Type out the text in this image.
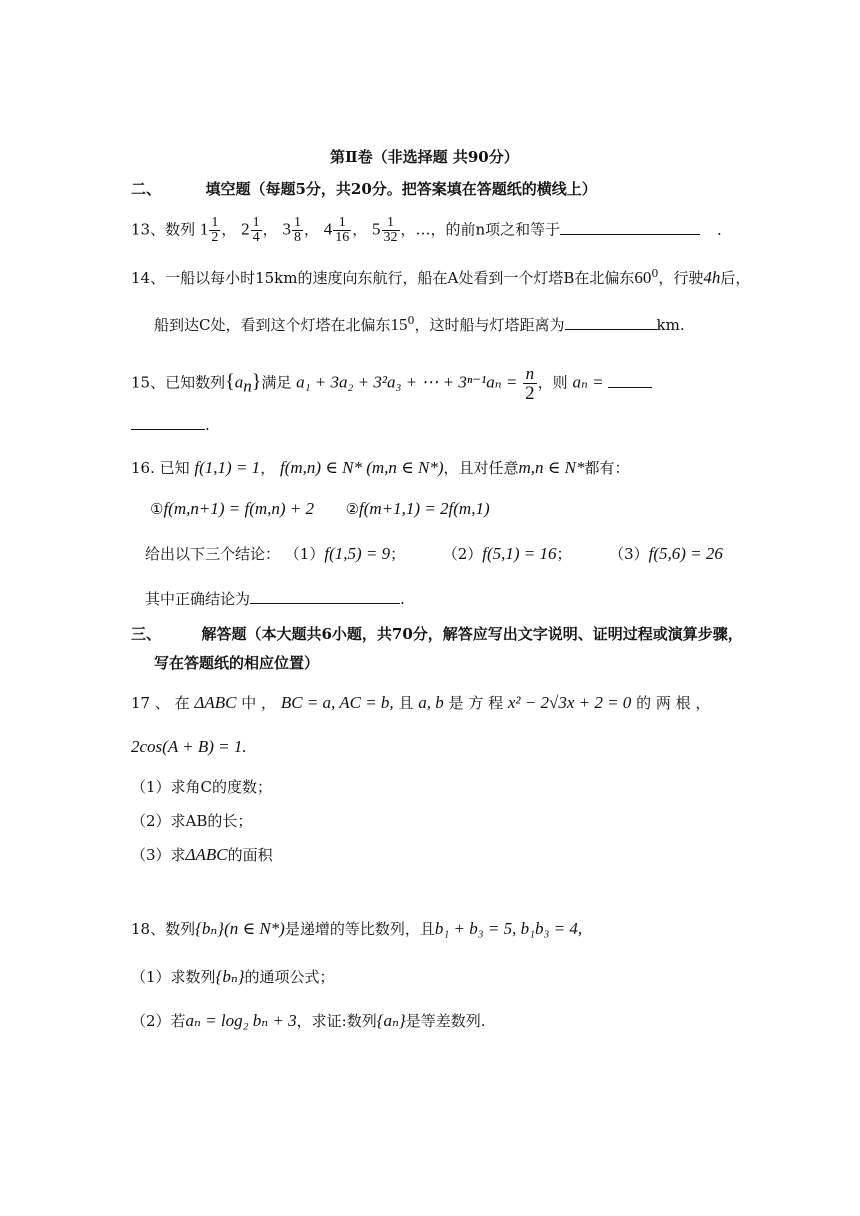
第Ⅱ卷（非选择题 共90分）
二、	填空题（每题5分，共20分。把答案填在答题纸的横线上）
13、数列 $1 \frac{1}{2}$ ， $2 \frac{1}{4}$ ， $3 \frac{1}{8}$ ， $4 \frac{1}{16}$ ， $5 \frac{1}{32}$ ，…，的前n项之和等于	．
14、一船以每小时15km的速度向东航行，船在A处看到一个灯塔B在北偏东$60^0$，行驶4h后，
船到达C处，看到这个灯塔在北偏东$15^0$，这时船与灯塔距离为	km.
15、已知数列$\{a_n\}$满足 a₁ + 3a₂ + 3²a₃ + ⋯ + $3^{n-1}a_n = \frac{n}{2}$ ，则 aₙ =
.
16. 已知 f(1,1) = 1， f(m,n) ∈ N* (m,n ∈ N*)，且对任意m,n ∈ N*都有：
①f(m,n+1) = f(m,n) + 2 ②f(m+1,1) = 2f(m,1)
给出以下三个结论： （1）f(1,5) = 9；	（2）f(5,1) = 16；	（3）f(5,6) = 26
其中正确结论为	.
三、	解答题（本大题共6小题，共70分，解答应写出文字说明、证明过程或演算步骤，
写在答题纸的相应位置）
17 、 在 ΔABC 中 ， BC = a, AC = b, 且 a, b 是 方 程 x² − 2√3x + 2 = 0 的 两 根 ，
2cos(A + B) = 1.
（1）求角C的度数；
（2）求AB的长；
（3）求ΔABC的面积
18、数列{bₙ}(n ∈ N*)是递增的等比数列，且b₁ + b₃ = 5, b₁b₃ = 4,
（1）求数列{bₙ}的通项公式；
（2）若aₙ = log₂ bₙ + 3，求证:数列{aₙ}是等差数列.
